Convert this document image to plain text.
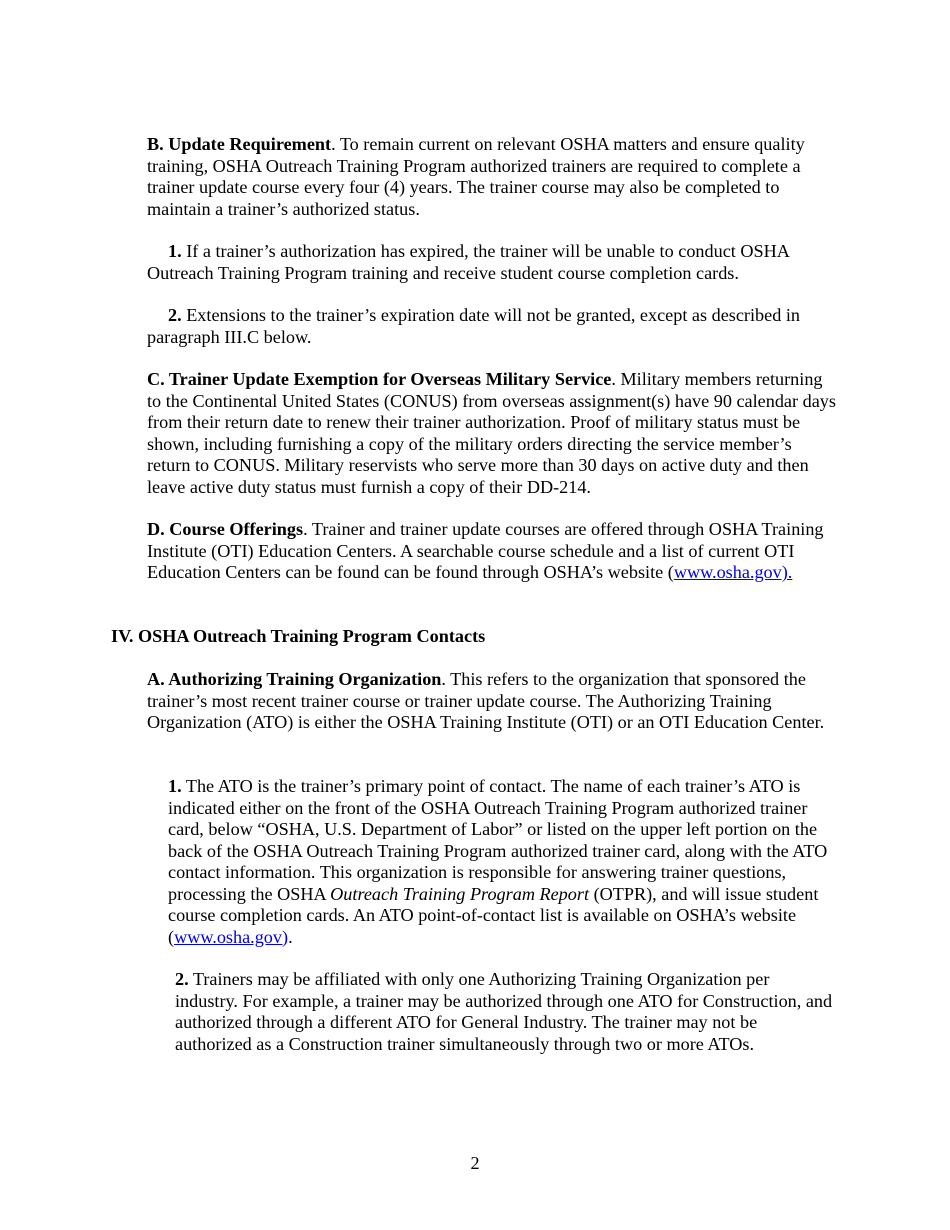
B. Update Requirement. To remain current on relevant OSHA matters and ensure quality training, OSHA Outreach Training Program authorized trainers are required to complete a trainer update course every four (4) years. The trainer course may also be completed to maintain a trainer’s authorized status.

1. If a trainer’s authorization has expired, the trainer will be unable to conduct OSHA Outreach Training Program training and receive student course completion cards.

2. Extensions to the trainer’s expiration date will not be granted, except as described in paragraph III.C below.

C. Trainer Update Exemption for Overseas Military Service. Military members returning to the Continental United States (CONUS) from overseas assignment(s) have 90 calendar days from their return date to renew their trainer authorization. Proof of military status must be shown, including furnishing a copy of the military orders directing the service member’s return to CONUS. Military reservists who serve more than 30 days on active duty and then leave active duty status must furnish a copy of their DD-214.

D. Course Offerings. Trainer and trainer update courses are offered through OSHA Training Institute (OTI) Education Centers. A searchable course schedule and a list of current OTI Education Centers can be found can be found through OSHA’s website (www.osha.gov).

IV. OSHA Outreach Training Program Contacts

A. Authorizing Training Organization. This refers to the organization that sponsored the trainer’s most recent trainer course or trainer update course. The Authorizing Training Organization (ATO) is either the OSHA Training Institute (OTI) or an OTI Education Center.

1. The ATO is the trainer’s primary point of contact. The name of each trainer’s ATO is indicated either on the front of the OSHA Outreach Training Program authorized trainer card, below “OSHA, U.S. Department of Labor” or listed on the upper left portion on the back of the OSHA Outreach Training Program authorized trainer card, along with the ATO contact information. This organization is responsible for answering trainer questions, processing the OSHA Outreach Training Program Report (OTPR), and will issue student course completion cards. An ATO point-of-contact list is available on OSHA’s website (www.osha.gov).

2. Trainers may be affiliated with only one Authorizing Training Organization per industry. For example, a trainer may be authorized through one ATO for Construction, and authorized through a different ATO for General Industry. The trainer may not be authorized as a Construction trainer simultaneously through two or more ATOs.

2
